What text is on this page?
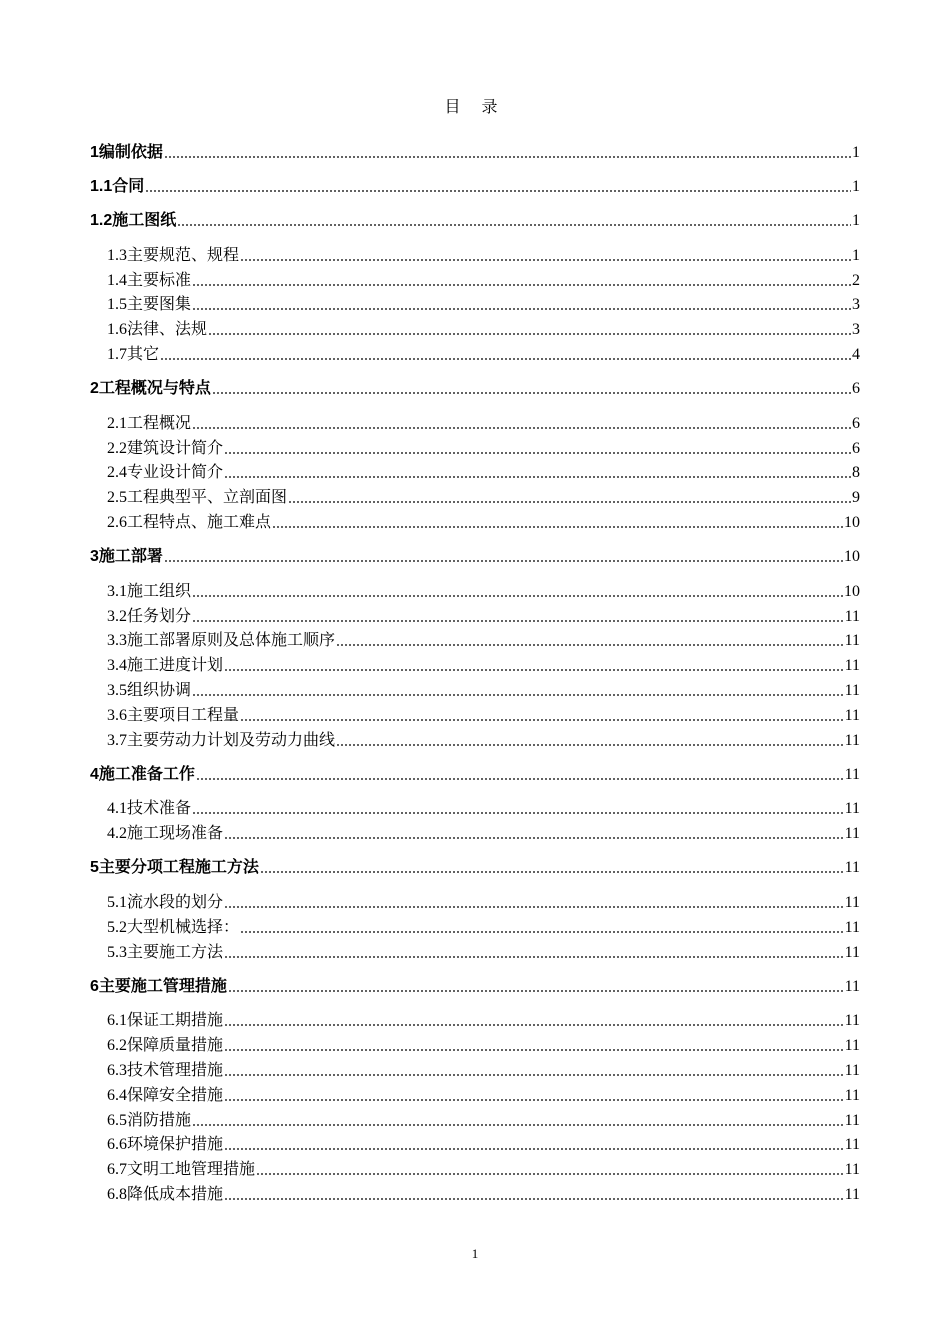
目 录
1 编制依据	1
1.1 合同	1
1.2 施工图纸	1
1.3 主要规范、规程	1
1.4 主要标准	2
1.5 主要图集	3
1.6 法律、法规	3
1.7 其它	4
2 工程概况与特点	6
2.1 工程概况	6
2.2 建筑设计简介	6
2.4 专业设计简介	8
2.5 工程典型平、立剖面图	9
2.6 工程特点、施工难点	10
3 施工部署	10
3.1 施工组织	10
3.2 任务划分	11
3.3 施工部署原则及总体施工顺序	11
3.4 施工进度计划	11
3.5 组织协调	11
3.6 主要项目工程量	11
3.7 主要劳动力计划及劳动力曲线	11
4 施工准备工作	11
4.1 技术准备	11
4.2 施工现场准备	11
5 主要分项工程施工方法	11
5.1 流水段的划分	11
5.2 大型机械选择：	11
5.3 主要施工方法	11
6 主要施工管理措施	11
6.1 保证工期措施	11
6.2 保障质量措施	11
6.3 技术管理措施	11
6.4 保障安全措施	11
6.5 消防措施	11
6.6 环境保护措施	11
6.7 文明工地管理措施	11
6.8 降低成本措施	11
1
